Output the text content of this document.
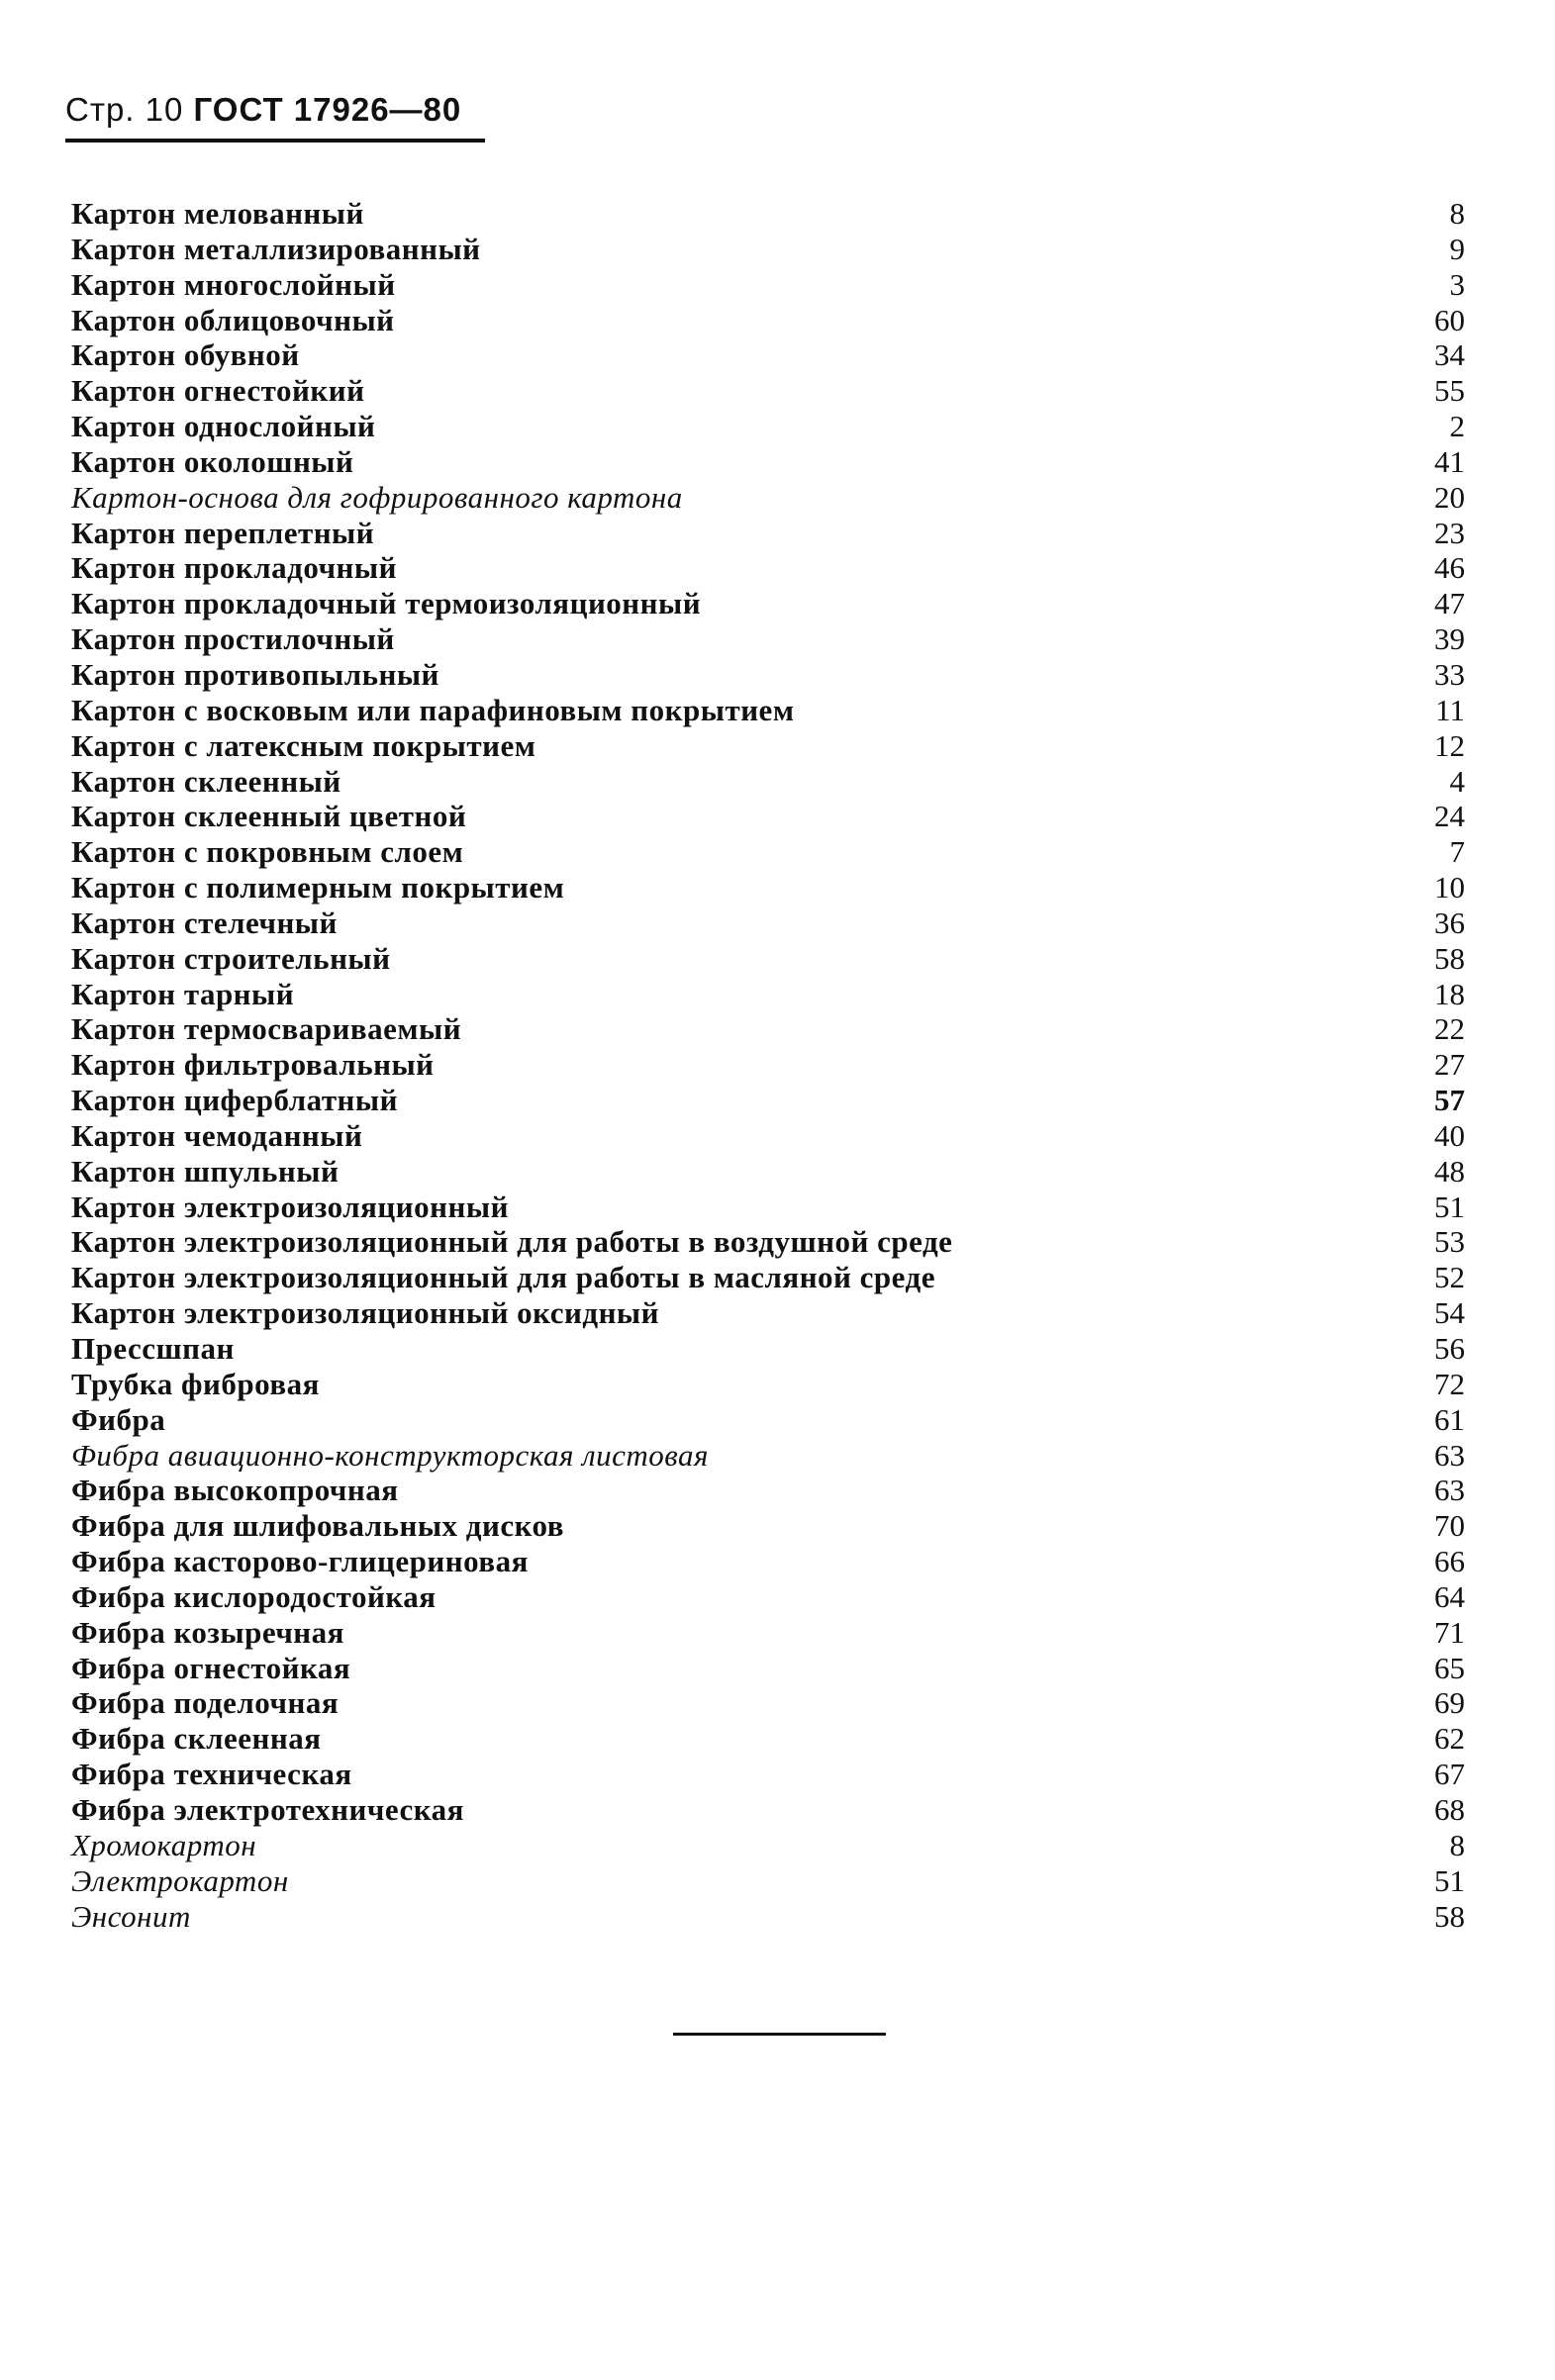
Стр. 10 ГОСТ 17926—80
Картон мелованный	8
Картон металлизированный	9
Картон многослойный	3
Картон облицовочный	60
Картон обувной	34
Картон огнестойкий	55
Картон однослойный	2
Картон околошный	41
Картон-основа для гофрированного картона	20
Картон переплетный	23
Картон прокладочный	46
Картон прокладочный термоизоляционный	47
Картон простилочный	39
Картон противопыльный	33
Картон с восковым или парафиновым покрытием	11
Картон с латексным покрытием	12
Картон склеенный	4
Картон склеенный цветной	24
Картон с покровным слоем	7
Картон с полимерным покрытием	10
Картон стелечный	36
Картон строительный	58
Картон тарный	18
Картон термосвариваемый	22
Картон фильтровальный	27
Картон циферблатный	57
Картон чемоданный	40
Картон шпульный	48
Картон электроизоляционный	51
Картон электроизоляционный для работы в воздушной среде	53
Картон электроизоляционный для работы в масляной среде	52
Картон электроизоляционный оксидный	54
Прессшпан	56
Трубка фибровая	72
Фибра	61
Фибра авиационно-конструкторская листовая	63
Фибра высокопрочная	63
Фибра для шлифовальных дисков	70
Фибра касторово-глицериновая	66
Фибра кислородостойкая	64
Фибра козыречная	71
Фибра огнестойкая	65
Фибра поделочная	69
Фибра склеенная	62
Фибра техническая	67
Фибра электротехническая	68
Хромокартон	8
Электрокартон	51
Энсонит	58
